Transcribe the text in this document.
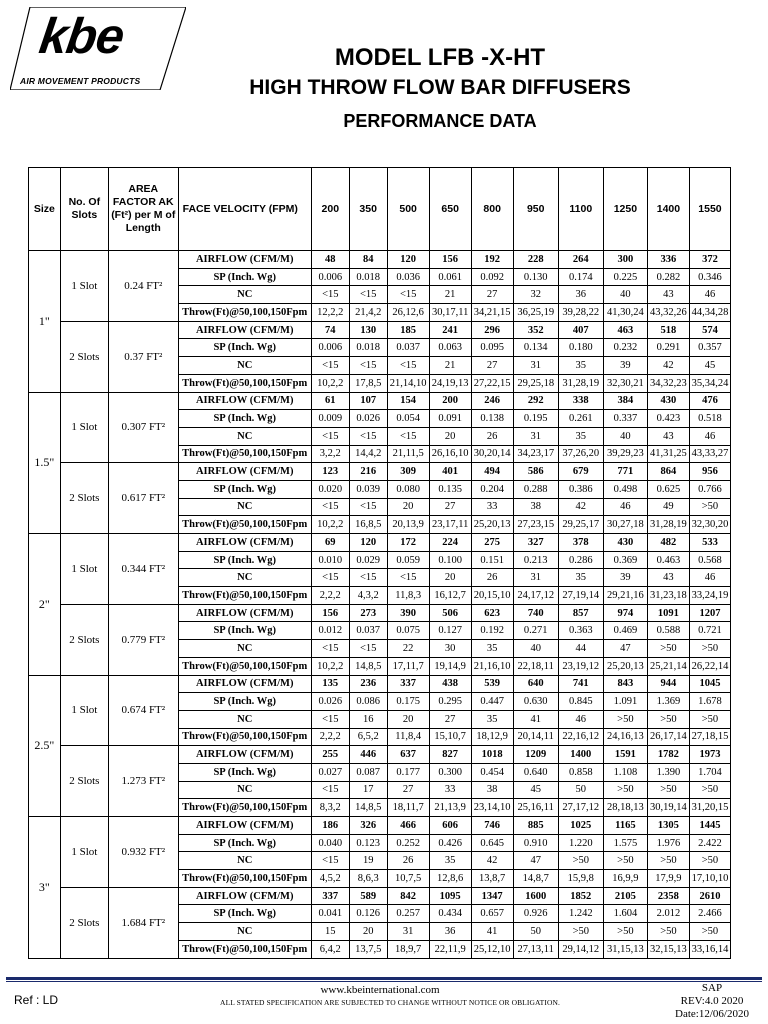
kbe
AIR MOVEMENT PRODUCTS
MODEL LFB -X-HT
HIGH THROW FLOW BAR DIFFUSERS
PERFORMANCE DATA
Size	No. Of Slots	AREA FACTOR AK (Ft²) per M of Length	FACE VELOCITY (FPM)	200	350	500	650	800	950	1100	1250	1400	1550
1"	1 Slot	0.24 FT²	AIRFLOW (CFM/M)	48	84	120	156	192	228	264	300	336	372
			SP (Inch. Wg)	0.006	0.018	0.036	0.061	0.092	0.130	0.174	0.225	0.282	0.346
			NC	<15	<15	<15	21	27	32	36	40	43	46
			Throw(Ft)@50,100,150Fpm	12,2,2	21,4,2	26,12,6	30,17,11	34,21,15	36,25,19	39,28,22	41,30,24	43,32,26	44,34,28
	2 Slots	0.37 FT²	AIRFLOW (CFM/M)	74	130	185	241	296	352	407	463	518	574
			SP (Inch. Wg)	0.006	0.018	0.037	0.063	0.095	0.134	0.180	0.232	0.291	0.357
			NC	<15	<15	<15	21	27	31	35	39	42	45
			Throw(Ft)@50,100,150Fpm	10,2,2	17,8,5	21,14,10	24,19,13	27,22,15	29,25,18	31,28,19	32,30,21	34,32,23	35,34,24
1.5"	1 Slot	0.307 FT²	AIRFLOW (CFM/M)	61	107	154	200	246	292	338	384	430	476
			SP (Inch. Wg)	0.009	0.026	0.054	0.091	0.138	0.195	0.261	0.337	0.423	0.518
			NC	<15	<15	<15	20	26	31	35	40	43	46
			Throw(Ft)@50,100,150Fpm	3,2,2	14,4,2	21,11,5	26,16,10	30,20,14	34,23,17	37,26,20	39,29,23	41,31,25	43,33,27
	2 Slots	0.617 FT²	AIRFLOW (CFM/M)	123	216	309	401	494	586	679	771	864	956
			SP (Inch. Wg)	0.020	0.039	0.080	0.135	0.204	0.288	0.386	0.498	0.625	0.766
			NC	<15	<15	20	27	33	38	42	46	49	>50
			Throw(Ft)@50,100,150Fpm	10,2,2	16,8,5	20,13,9	23,17,11	25,20,13	27,23,15	29,25,17	30,27,18	31,28,19	32,30,20
2"	1 Slot	0.344 FT²	AIRFLOW (CFM/M)	69	120	172	224	275	327	378	430	482	533
			SP (Inch. Wg)	0.010	0.029	0.059	0.100	0.151	0.213	0.286	0.369	0.463	0.568
			NC	<15	<15	<15	20	26	31	35	39	43	46
			Throw(Ft)@50,100,150Fpm	2,2,2	4,3,2	11,8,3	16,12,7	20,15,10	24,17,12	27,19,14	29,21,16	31,23,18	33,24,19
	2 Slots	0.779 FT²	AIRFLOW (CFM/M)	156	273	390	506	623	740	857	974	1091	1207
			SP (Inch. Wg)	0.012	0.037	0.075	0.127	0.192	0.271	0.363	0.469	0.588	0.721
			NC	<15	<15	22	30	35	40	44	47	>50	>50
			Throw(Ft)@50,100,150Fpm	10,2,2	14,8,5	17,11,7	19,14,9	21,16,10	22,18,11	23,19,12	25,20,13	25,21,14	26,22,14
2.5"	1 Slot	0.674 FT²	AIRFLOW (CFM/M)	135	236	337	438	539	640	741	843	944	1045
			SP (Inch. Wg)	0.026	0.086	0.175	0.295	0.447	0.630	0.845	1.091	1.369	1.678
			NC	<15	16	20	27	35	41	46	>50	>50	>50
			Throw(Ft)@50,100,150Fpm	2,2,2	6,5,2	11,8,4	15,10,7	18,12,9	20,14,11	22,16,12	24,16,13	26,17,14	27,18,15
	2 Slots	1.273 FT²	AIRFLOW (CFM/M)	255	446	637	827	1018	1209	1400	1591	1782	1973
			SP (Inch. Wg)	0.027	0.087	0.177	0.300	0.454	0.640	0.858	1.108	1.390	1.704
			NC	<15	17	27	33	38	45	50	>50	>50	>50
			Throw(Ft)@50,100,150Fpm	8,3,2	14,8,5	18,11,7	21,13,9	23,14,10	25,16,11	27,17,12	28,18,13	30,19,14	31,20,15
3"	1 Slot	0.932 FT²	AIRFLOW (CFM/M)	186	326	466	606	746	885	1025	1165	1305	1445
			SP (Inch. Wg)	0.040	0.123	0.252	0.426	0.645	0.910	1.220	1.575	1.976	2.422
			NC	<15	19	26	35	42	47	>50	>50	>50	>50
			Throw(Ft)@50,100,150Fpm	4,5,2	8,6,3	10,7,5	12,8,6	13,8,7	14,8,7	15,9,8	16,9,9	17,9,9	17,10,10
	2 Slots	1.684 FT²	AIRFLOW (CFM/M)	337	589	842	1095	1347	1600	1852	2105	2358	2610
			SP (Inch. Wg)	0.041	0.126	0.257	0.434	0.657	0.926	1.242	1.604	2.012	2.466
			NC	15	20	31	36	41	50	>50	>50	>50	>50
			Throw(Ft)@50,100,150Fpm	6,4,2	13,7,5	18,9,7	22,11,9	25,12,10	27,13,11	29,14,12	31,15,13	32,15,13	33,16,14
Ref : LD
www.kbeinternational.com
ALL STATED SPECIFICATION ARE SUBJECTED TO CHANGE WITHOUT NOTICE OR OBLIGATION.
SAP
REV:4.0 2020
Date:12/06/2020
